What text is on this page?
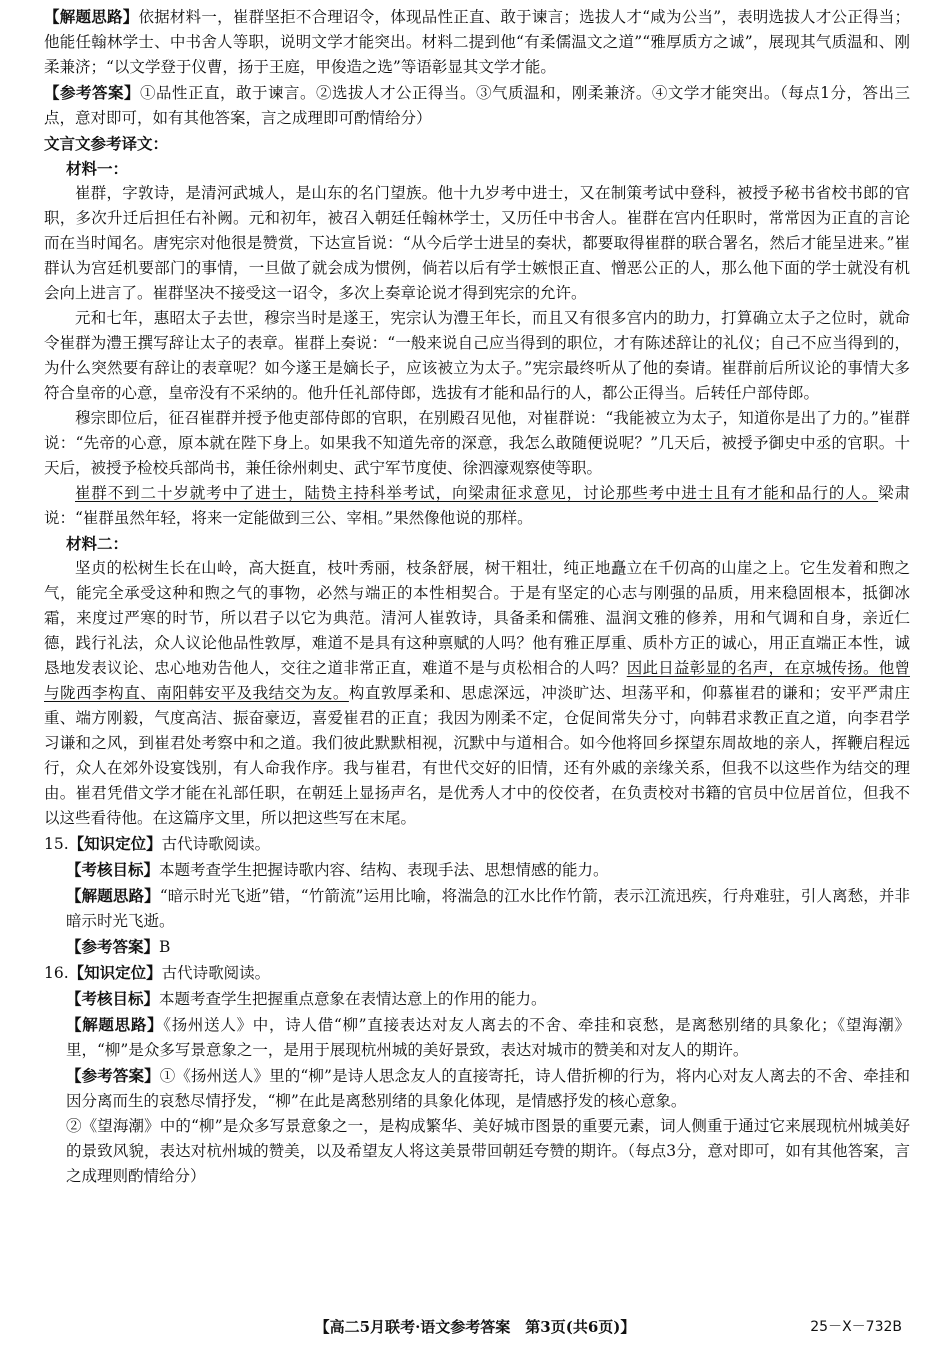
【解题思路】依据材料一，崔群坚拒不合理诏令，体现品性正直、敢于谏言；选拔人才“咸为公当”，表明选拔人才公正得当；他能任翰林学士、中书舍人等职，说明文学才能突出。材料二提到他“有柔儒温文之道”“雅厚质方之诚”，展现其气质温和、刚柔兼济；“以文学登于仪曹，扬于王庭，甲俊造之选”等语彰显其文学才能。

【参考答案】①品性正直，敢于谏言。②选拔人才公正得当。③气质温和，刚柔兼济。④文学才能突出。（每点1分，答出三点，意对即可，如有其他答案，言之成理即可酌情给分）

文言文参考译文：

材料一：

崔群，字敦诗，是清河武城人，是山东的名门望族。他十九岁考中进士，又在制策考试中登科，被授予秘书省校书郎的官职，多次升迁后担任右补阙。元和初年，被召入朝廷任翰林学士，又历任中书舍人。崔群在宫内任职时，常常因为正直的言论而在当时闻名。唐宪宗对他很是赞赏，下达宣旨说：“从今后学士进呈的奏状，都要取得崔群的联合署名，然后才能呈进来。”崔群认为宫廷机要部门的事情，一旦做了就会成为惯例，倘若以后有学士嫉恨正直、憎恶公正的人，那么他下面的学士就没有机会向上进言了。崔群坚决不接受这一诏令，多次上奏章论说才得到宪宗的允许。

元和七年，惠昭太子去世，穆宗当时是遂王，宪宗认为澧王年长，而且又有很多宫内的助力，打算确立太子之位时，就命令崔群为澧王撰写辞让太子的表章。崔群上奏说：“一般来说自己应当得到的职位，才有陈述辞让的礼仪；自己不应当得到的，为什么突然要有辞让的表章呢？如今遂王是嫡长子，应该被立为太子。”宪宗最终听从了他的奏请。崔群前后所议论的事情大多符合皇帝的心意，皇帝没有不采纳的。他升任礼部侍郎，选拔有才能和品行的人，都公正得当。后转任户部侍郎。

穆宗即位后，征召崔群并授予他吏部侍郎的官职，在别殿召见他，对崔群说：“我能被立为太子，知道你是出了力的。”崔群说：“先帝的心意，原本就在陛下身上。如果我不知道先帝的深意，我怎么敢随便说呢？”几天后，被授予御史中丞的官职。十天后，被授予检校兵部尚书，兼任徐州刺史、武宁军节度使、徐泗濠观察使等职。

崔群不到二十岁就考中了进士，陆贽主持科举考试，向梁肃征求意见，讨论那些考中进士且有才能和品行的人。梁肃说：“崔群虽然年轻，将来一定能做到三公、宰相。”果然像他说的那样。

材料二：

坚贞的松树生长在山岭，高大挺直，枝叶秀丽，枝条舒展，树干粗壮，纯正地矗立在千仞高的山崖之上。它生发着和煦之气，能完全承受这种和煦之气的事物，必然与端正的本性相契合。于是有坚定的心志与刚强的品质，用来稳固根本，抵御冰霜，来度过严寒的时节，所以君子以它为典范。清河人崔敦诗，具备柔和儒雅、温润文雅的修养，用和气调和自身，亲近仁德，践行礼法，众人议论他品性敦厚，难道不是具有这种禀赋的人吗？他有雅正厚重、质朴方正的诚心，用正直端正本性，诚恳地发表议论、忠心地劝告他人，交往之道非常正直，难道不是与贞松相合的人吗？因此日益彰显的名声，在京城传扬。他曾与陇西李构直、南阳韩安平及我结交为友。构直敦厚柔和、思虑深远，冲淡旷达、坦荡平和，仰慕崔君的谦和；安平严肃庄重、端方刚毅，气度高洁、振奋豪迈，喜爱崔君的正直；我因为刚柔不定，仓促间常失分寸，向韩君求教正直之道，向李君学习谦和之风，到崔君处考察中和之道。我们彼此默默相视，沉默中与道相合。如今他将回乡探望东周故地的亲人，挥鞭启程远行，众人在郊外设宴饯别，有人命我作序。我与崔君，有世代交好的旧情，还有外戚的亲缘关系，但我不以这些作为结交的理由。崔君凭借文学才能在礼部任职，在朝廷上显扬声名，是优秀人才中的佼佼者，在负责校对书籍的官员中位居首位，但我不以这些看待他。在这篇序文里，所以把这些写在末尾。

15.【知识定位】古代诗歌阅读。

【考核目标】本题考查学生把握诗歌内容、结构、表现手法、思想情感的能力。

【解题思路】“暗示时光飞逝”错，“竹箭流”运用比喻，将湍急的江水比作竹箭，表示江流迅疾，行舟难驻，引人离愁，并非暗示时光飞逝。

【参考答案】B

16.【知识定位】古代诗歌阅读。

【考核目标】本题考查学生把握重点意象在表情达意上的作用的能力。

【解题思路】《扬州送人》中，诗人借“柳”直接表达对友人离去的不舍、牵挂和哀愁，是离愁别绪的具象化；《望海潮》里，“柳”是众多写景意象之一，是用于展现杭州城的美好景致，表达对城市的赞美和对友人的期许。

【参考答案】①《扬州送人》里的“柳”是诗人思念友人的直接寄托，诗人借折柳的行为，将内心对友人离去的不舍、牵挂和因分离而生的哀愁尽情抒发，“柳”在此是离愁别绪的具象化体现，是情感抒发的核心意象。

②《望海潮》中的“柳”是众多写景意象之一，是构成繁华、美好城市图景的重要元素，词人侧重于通过它来展现杭州城美好的景致风貌，表达对杭州城的赞美，以及希望友人将这美景带回朝廷夸赞的期许。（每点3分，意对即可，如有其他答案，言之成理则酌情给分）

【高二5月联考·语文参考答案　第3页(共6页)】	25－X－732B
